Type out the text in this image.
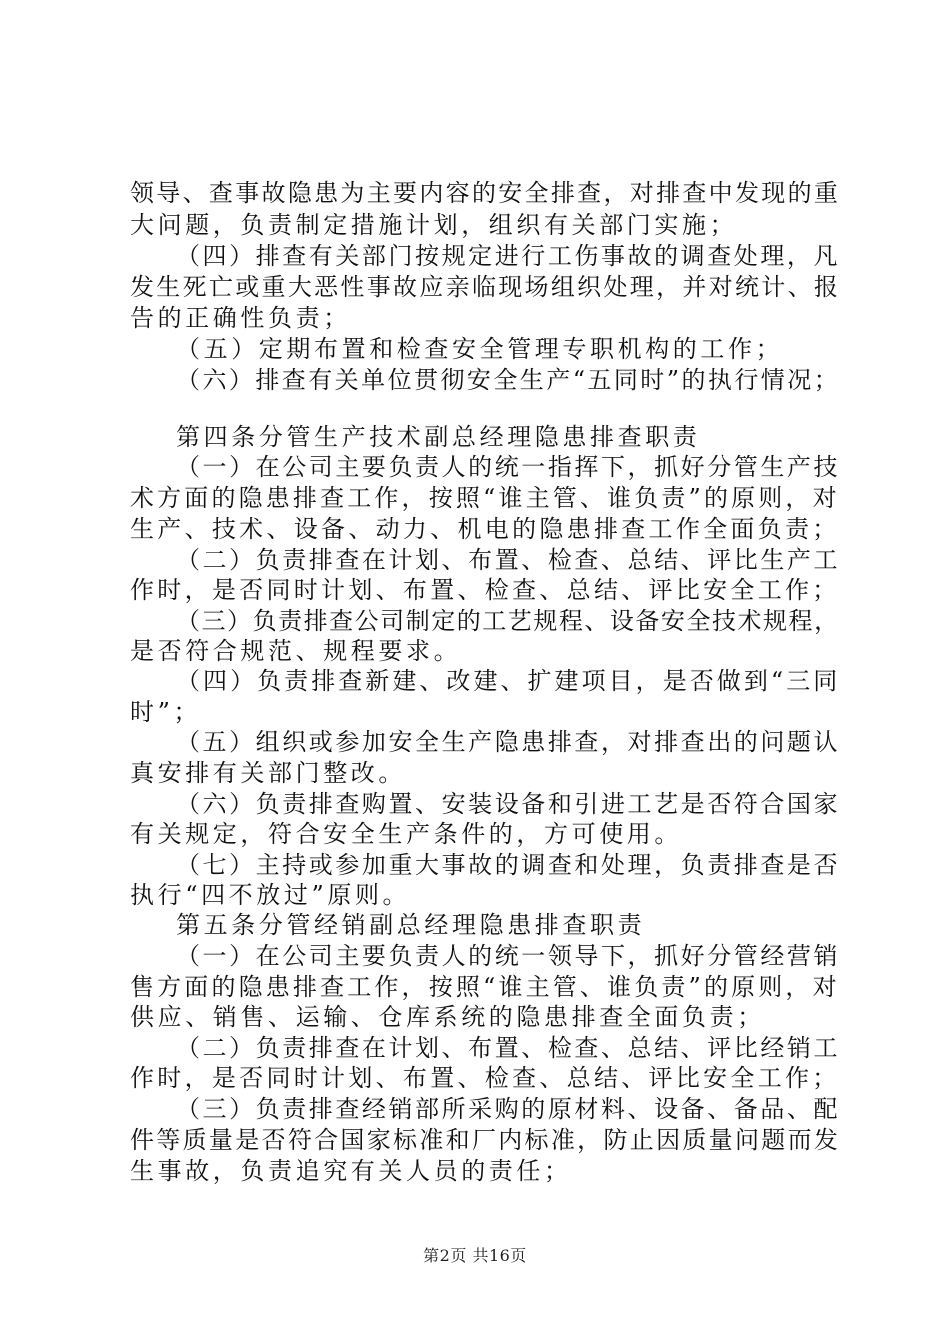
领导、查事故隐患为主要内容的安全排查，对排查中发现的重
大问题，负责制定措施计划，组织有关部门实施；
（四）排查有关部门按规定进行工伤事故的调查处理，凡
发生死亡或重大恶性事故应亲临现场组织处理，并对统计、报
告的正确性负责；
（五）定期布置和检查安全管理专职机构的工作；
（六）排查有关单位贯彻安全生产“五同时”的执行情况；
第四条分管生产技术副总经理隐患排查职责
（一）在公司主要负责人的统一指挥下，抓好分管生产技
术方面的隐患排查工作，按照“谁主管、谁负责”的原则，对
生产、技术、设备、动力、机电的隐患排查工作全面负责；
（二）负责排查在计划、布置、检查、总结、评比生产工
作时，是否同时计划、布置、检查、总结、评比安全工作；
（三）负责排查公司制定的工艺规程、设备安全技术规程，
是否符合规范、规程要求。
（四）负责排查新建、改建、扩建项目，是否做到“三同
时”；
（五）组织或参加安全生产隐患排查，对排查出的问题认
真安排有关部门整改。
（六）负责排查购置、安装设备和引进工艺是否符合国家
有关规定，符合安全生产条件的，方可使用。
（七）主持或参加重大事故的调查和处理，负责排查是否
执行“四不放过”原则。
第五条分管经销副总经理隐患排查职责
（一）在公司主要负责人的统一领导下，抓好分管经营销
售方面的隐患排查工作，按照“谁主管、谁负责”的原则，对
供应、销售、运输、仓库系统的隐患排查全面负责；
（二）负责排查在计划、布置、检查、总结、评比经销工
作时，是否同时计划、布置、检查、总结、评比安全工作；
（三）负责排查经销部所采购的原材料、设备、备品、配
件等质量是否符合国家标准和厂内标准，防止因质量问题而发
生事故，负责追究有关人员的责任；
第2页 共16页
